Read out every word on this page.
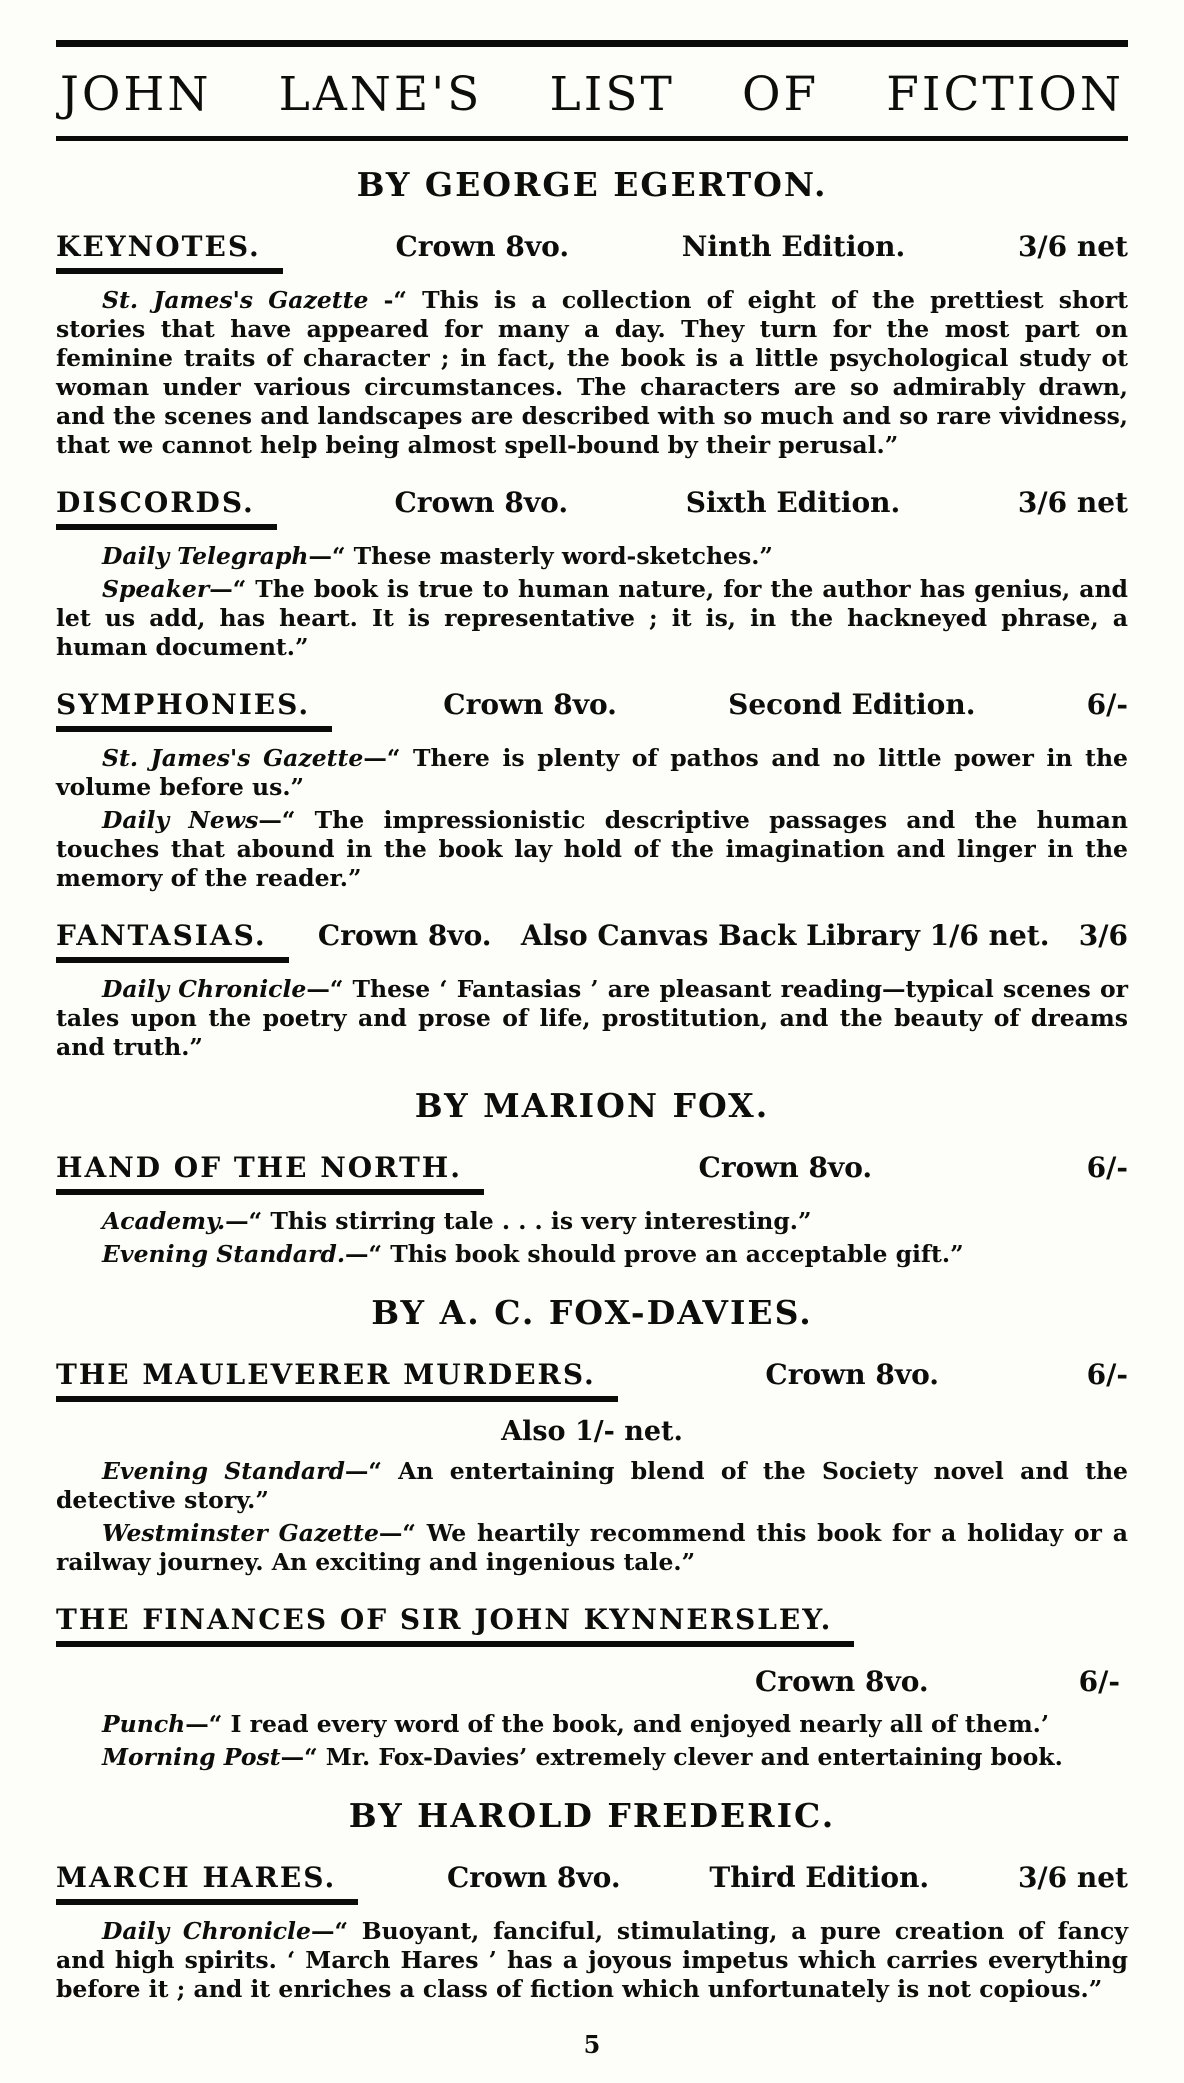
JOHN LANE'S LIST OF FICTION
BY GEORGE EGERTON.
KEYNOTES.	Crown 8vo.	Ninth Edition.	3/6 net

St. James's Gazette -“ This is a collection of eight of the prettiest short stories that have appeared for many a day. They turn for the most part on feminine traits of character ; in fact, the book is a little psychological study ot woman under various circumstances. The characters are so admirably drawn, and the scenes and landscapes are described with so much and so rare vividness, that we cannot help being almost spell-bound by their perusal.”

DISCORDS.	Crown 8vo.	Sixth Edition.	3/6 net

Daily Telegraph—“ These masterly word-sketches.”

Speaker—“ The book is true to human nature, for the author has genius, and let us add, has heart. It is representative ; it is, in the hackneyed phrase, a human document.”

SYMPHONIES.	Crown 8vo.	Second Edition.	6/-

St. James's Gazette—“ There is plenty of pathos and no little power in the volume before us.”

Daily News—“ The impressionistic descriptive passages and the human touches that abound in the book lay hold of the imagination and linger in the memory of the reader.”

FANTASIAS.	Crown 8vo. Also Canvas Back Library 1/6 net. 3/6

Daily Chronicle—“ These ‘ Fantasias ’ are pleasant reading—typical scenes or tales upon the poetry and prose of life, prostitution, and the beauty of dreams and truth.”

BY MARION FOX.
HAND OF THE NORTH.	Crown 8vo.	6/-

Academy.—“ This stirring tale . . . is very interesting.”

Evening Standard.—“ This book should prove an acceptable gift.”

BY A. C. FOX-DAVIES.
THE MAULEVERER MURDERS.	Crown 8vo.	6/-
Also 1/- net.

Evening Standard—“ An entertaining blend of the Society novel and the detective story.”

Westminster Gazette—“ We heartily recommend this book for a holiday or a railway journey. An exciting and ingenious tale.”

THE FINANCES OF SIR JOHN KYNNERSLEY.
Crown 8vo.	6/-

Punch—“ I read every word of the book, and enjoyed nearly all of them.’

Morning Post—“ Mr. Fox-Davies’ extremely clever and entertaining book.

BY HAROLD FREDERIC.
MARCH HARES.	Crown 8vo.	Third Edition.	3/6 net

Daily Chronicle—“ Buoyant, fanciful, stimulating, a pure creation of fancy and high spirits. ‘ March Hares ’ has a joyous impetus which carries everything before it ; and it enriches a class of fiction which unfortunately is not copious.”

5
